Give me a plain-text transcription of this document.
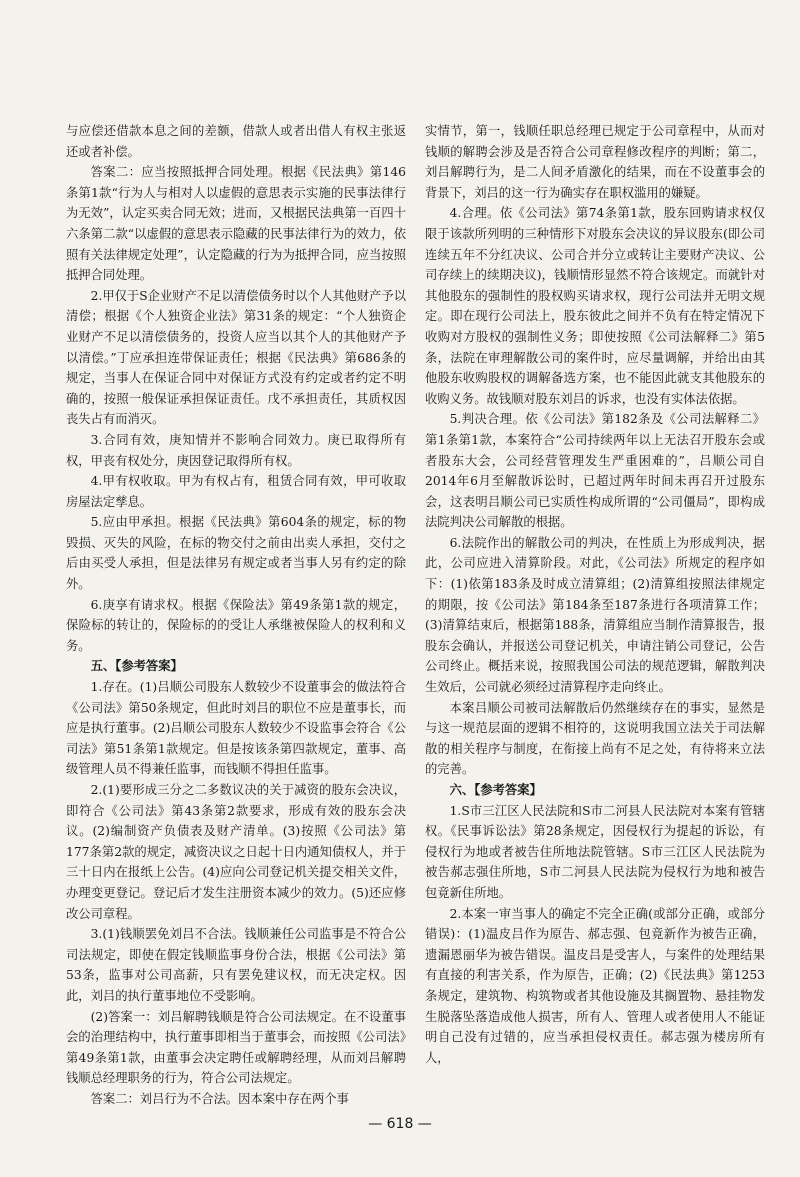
与应偿还借款本息之间的差额，借款人或者出借人有权主张返还或者补偿。

答案二：应当按照抵押合同处理。根据《民法典》第146条第1款“行为人与相对人以虚假的意思表示实施的民事法律行为无效”，认定买卖合同无效；进而，又根据民法典第一百四十六条第二款“以虚假的意思表示隐藏的民事法律行为的效力，依照有关法律规定处理”，认定隐藏的行为为抵押合同，应当按照抵押合同处理。

2.甲仅于S企业财产不足以清偿债务时以个人其他财产予以清偿；根据《个人独资企业法》第31条的规定：“个人独资企业财产不足以清偿债务的，投资人应当以其个人的其他财产予以清偿。”丁应承担连带保证责任；根据《民法典》第686条的规定，当事人在保证合同中对保证方式没有约定或者约定不明确的，按照一般保证承担保证责任。戊不承担责任，其质权因丧失占有而消灭。

3.合同有效，庚知情并不影响合同效力。庚已取得所有权，甲丧有权处分，庚因登记取得所有权。

4.甲有权收取。甲为有权占有，租赁合同有效，甲可收取房屋法定孳息。

5.应由甲承担。根据《民法典》第604条的规定，标的物毁损、灭失的风险，在标的物交付之前由出卖人承担，交付之后由买受人承担，但是法律另有规定或者当事人另有约定的除外。

6.庚享有请求权。根据《保险法》第49条第1款的规定，保险标的转让的，保险标的的受让人承继被保险人的权利和义务。

五、【参考答案】

1.存在。(1)吕顺公司股东人数较少不设董事会的做法符合《公司法》第50条规定，但此时刘吕的职位不应是董事长，而应是执行董事。(2)吕顺公司股东人数较少不设监事会符合《公司法》第51条第1款规定。但是按该条第四款规定，董事、高级管理人员不得兼任监事，而钱顺不得担任监事。

2.(1)要形成三分之二多数议决的关于减资的股东会决议，即符合《公司法》第43条第2款要求，形成有效的股东会决议。(2)编制资产负债表及财产清单。(3)按照《公司法》第177条第2款的规定，减资决议之日起十日内通知债权人，并于三十日内在报纸上公告。(4)应向公司登记机关提交相关文件，办理变更登记。登记后才发生注册资本减少的效力。(5)还应修改公司章程。

3.(1)钱顺罢免刘吕不合法。钱顺兼任公司监事是不符合公司法规定，即使在假定钱顺监事身份合法，根据《公司法》第53条，监事对公司高薪，只有罢免建议权，而无决定权。因此，刘吕的执行董事地位不受影响。

(2)答案一：刘吕解聘钱顺是符合公司法规定。在不设董事会的治理结构中，执行董事即相当于董事会，而按照《公司法》第49条第1款，由董事会决定聘任或解聘经理，从而刘吕解聘钱顺总经理职务的行为，符合公司法规定。

答案二：刘吕行为不合法。因本案中存在两个事

实情节，第一，钱顺任职总经理已规定于公司章程中，从而对钱顺的解聘会涉及是否符合公司章程修改程序的判断；第二，刘吕解聘行为，是二人间矛盾激化的结果，而在不设董事会的背景下，刘吕的这一行为确实存在职权滥用的嫌疑。

4.合理。依《公司法》第74条第1款，股东回购请求权仅限于该款所列明的三种情形下对股东会决议的异议股东(即公司连续五年不分红决议、公司合并分立或转让主要财产决议、公司存续上的续期决议)，钱顺情形显然不符合该规定。而就针对其他股东的强制性的股权购买请求权，现行公司法并无明文规定。即在现行公司法上，股东彼此之间并不负有在特定情况下收购对方股权的强制性义务；即使按照《公司法解释二》第5条，法院在审理解散公司的案件时，应尽量调解，并给出由其他股东收购股权的调解备选方案，也不能因此就支其他股东的收购义务。故钱顺对股东刘吕的诉求，也没有实体法依据。

5.判决合理。依《公司法》第182条及《公司法解释二》第1条第1款，本案符合“公司持续两年以上无法召开股东会或者股东大会，公司经营管理发生严重困难的”，吕顺公司自2014年6月至解散诉讼时，已超过两年时间未再召开过股东会，这表明吕顺公司已实质性构成所谓的“公司僵局”，即构成法院判决公司解散的根据。

6.法院作出的解散公司的判决，在性质上为形成判决，据此，公司应进入清算阶段。对此，《公司法》所规定的程序如下：(1)依第183条及时成立清算组；(2)清算组按照法律规定的期限，按《公司法》第184条至187条进行各项清算工作；(3)清算结束后，根据第188条，清算组应当制作清算报告，报股东会确认，并报送公司登记机关，申请注销公司登记，公告公司终止。概括来说，按照我国公司法的规范逻辑，解散判决生效后，公司就必须经过清算程序走向终止。

本案吕顺公司被司法解散后仍然继续存在的事实，显然是与这一规范层面的逻辑不相符的，这说明我国立法关于司法解散的相关程序与制度，在衔接上尚有不足之处，有待将来立法的完善。

六、【参考答案】

1.S市三江区人民法院和S市二河县人民法院对本案有管辖权。《民事诉讼法》第28条规定，因侵权行为提起的诉讼，有侵权行为地或者被告住所地法院管辖。S市三江区人民法院为被告郝志强住所地，S市二河县人民法院为侵权行为地和被告包竟新住所地。

2.本案一审当事人的确定不完全正确(或部分正确，或部分错误)：(1)温皮吕作为原告、郝志强、包竟新作为被告正确，遗漏恩丽华为被告错误。温皮吕是受害人，与案件的处理结果有直接的利害关系，作为原告，正确；(2)《民法典》第1253条规定，建筑物、构筑物或者其他设施及其搁置物、悬挂物发生脱落坠落造成他人损害，所有人、管理人或者使用人不能证明自己没有过错的，应当承担侵权责任。郝志强为楼房所有人，

— 618 —
